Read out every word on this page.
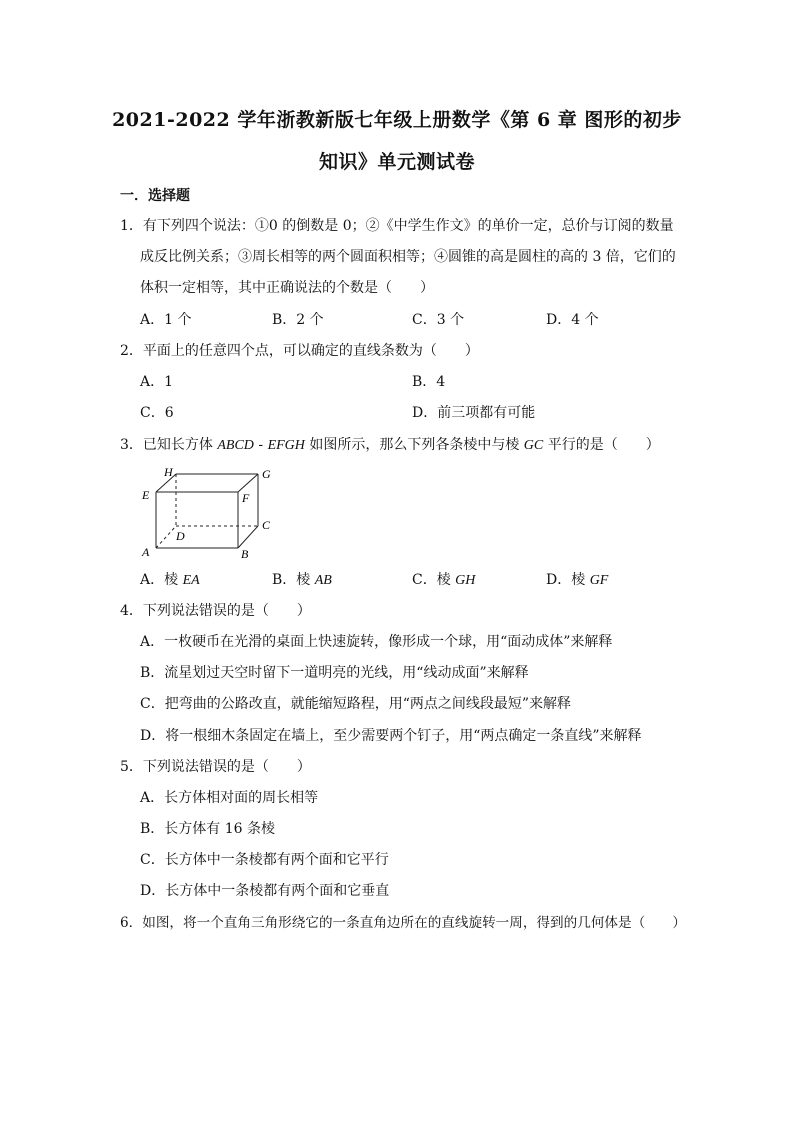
2021-2022 学年浙教新版七年级上册数学《第 6 章 图形的初步
知识》单元测试卷
一．选择题
1．有下列四个说法：①0 的倒数是 0；②《中学生作文》的单价一定，总价与订阅的数量
成反比例关系；③周长相等的两个圆面积相等；④圆锥的高是圆柱的高的 3 倍，它们的
体积一定相等，其中正确说法的个数是（　　）
A．1 个	B．2 个	C．3 个	D．4 个
2．平面上的任意四个点，可以确定的直线条数为（　　）
A．1	B．4
C．6	D．前三项都有可能
3．已知长方体 ABCD - EFGH 如图所示，那么下列各条棱中与棱 GC 平行的是（　　）
H	G
E	F
C
D
A	B
A．棱 EA	B．棱 AB	C．棱 GH	D．棱 GF
4．下列说法错误的是（　　）
A．一枚硬币在光滑的桌面上快速旋转，像形成一个球，用“面动成体”来解释
B．流星划过天空时留下一道明亮的光线，用“线动成面”来解释
C．把弯曲的公路改直，就能缩短路程，用“两点之间线段最短”来解释
D．将一根细木条固定在墙上，至少需要两个钉子，用“两点确定一条直线”来解释
5．下列说法错误的是（　　）
A．长方体相对面的周长相等
B．长方体有 16 条棱
C．长方体中一条棱都有两个面和它平行
D．长方体中一条棱都有两个面和它垂直
6．如图，将一个直角三角形绕它的一条直角边所在的直线旋转一周，得到的几何体是（　　）
